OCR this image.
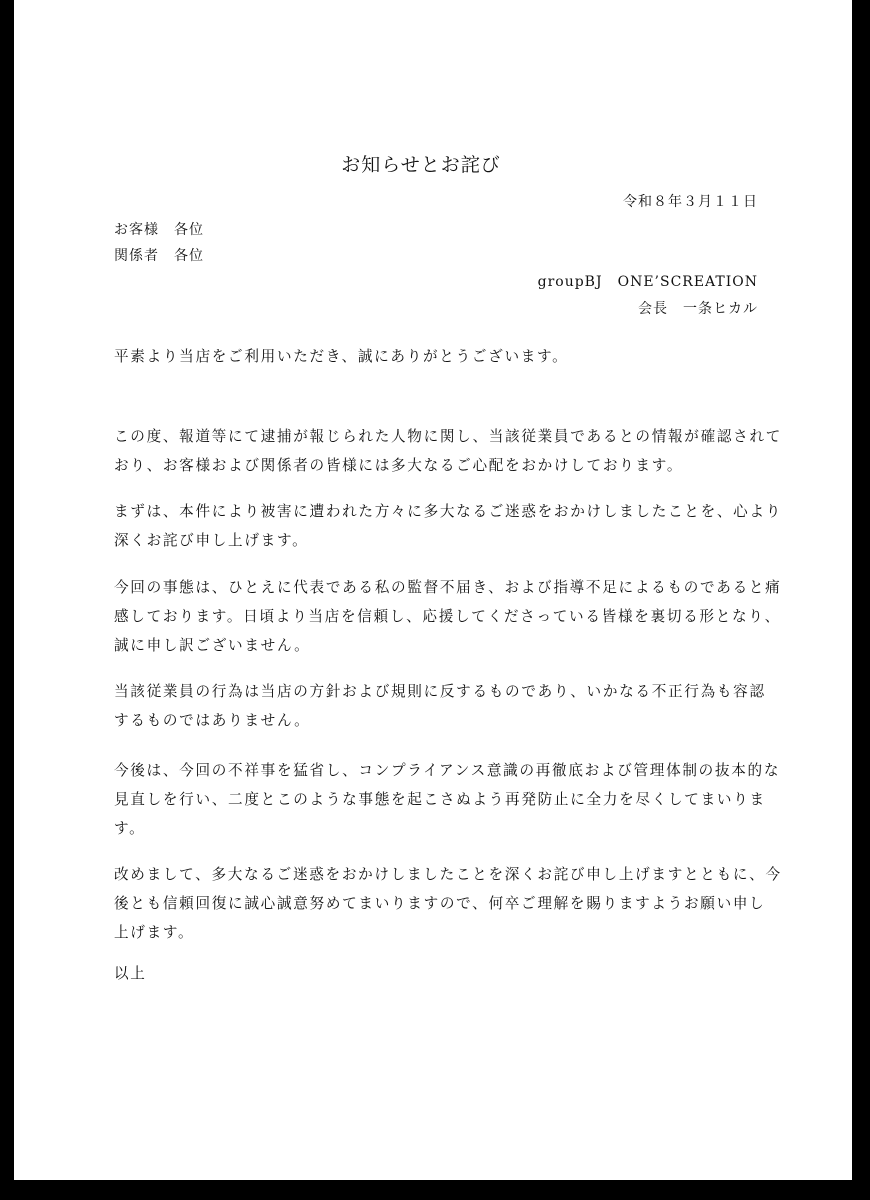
お知らせとお詫び
令和８年３月１１日
お客様　各位
関係者　各位
groupBJ　ONE’SCREATION
会長　一条ヒカル
平素より当店をご利用いただき、誠にありがとうございます。
この度、報道等にて逮捕が報じられた人物に関し、当該従業員であるとの情報が確認されて
おり、お客様および関係者の皆様には多大なるご心配をおかけしております。
まずは、本件により被害に遭われた方々に多大なるご迷惑をおかけしましたことを、心より
深くお詫び申し上げます。
今回の事態は、ひとえに代表である私の監督不届き、および指導不足によるものであると痛
感しております。日頃より当店を信頼し、応援してくださっている皆様を裏切る形となり、
誠に申し訳ございません。
当該従業員の行為は当店の方針および規則に反するものであり、いかなる不正行為も容認
するものではありません。
今後は、今回の不祥事を猛省し、コンプライアンス意識の再徹底および管理体制の抜本的な
見直しを行い、二度とこのような事態を起こさぬよう再発防止に全力を尽くしてまいりま
す。
改めまして、多大なるご迷惑をおかけしましたことを深くお詫び申し上げますとともに、今
後とも信頼回復に誠心誠意努めてまいりますので、何卒ご理解を賜りますようお願い申し
上げます。
以上
